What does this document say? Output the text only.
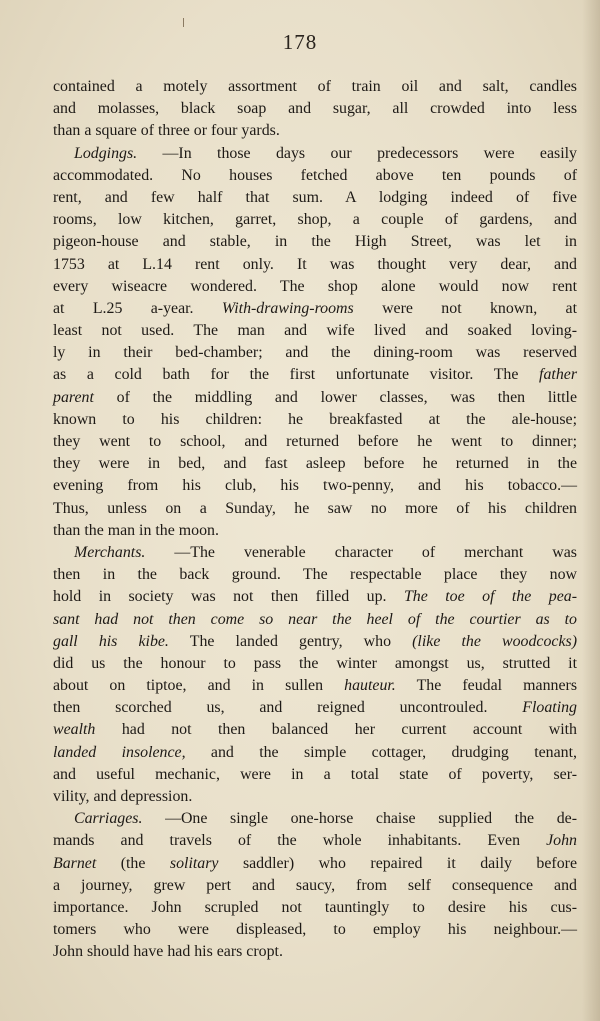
178
contained a motely assortment of train oil and salt, candles
and molasses, black soap and sugar, all crowded into less
than a square of three or four yards.
Lodgings. —In those days our predecessors were easily
accommodated. No houses fetched above ten pounds of
rent, and few half that sum. A lodging indeed of five
rooms, low kitchen, garret, shop, a couple of gardens, and
pigeon-house and stable, in the High Street, was let in
1753 at L.14 rent only. It was thought very dear, and
every wiseacre wondered. The shop alone would now rent
at L.25 a-year. With-drawing-rooms were not known, at
least not used. The man and wife lived and soaked loving-
ly in their bed-chamber; and the dining-room was reserved
as a cold bath for the first unfortunate visitor. The father
parent of the middling and lower classes, was then little
known to his children: he breakfasted at the ale-house;
they went to school, and returned before he went to dinner;
they were in bed, and fast asleep before he returned in the
evening from his club, his two-penny, and his tobacco.—
Thus, unless on a Sunday, he saw no more of his children
than the man in the moon.
Merchants. —The venerable character of merchant was
then in the back ground. The respectable place they now
hold in society was not then filled up. The toe of the pea-
sant had not then come so near the heel of the courtier as to
gall his kibe. The landed gentry, who (like the woodcocks)
did us the honour to pass the winter amongst us, strutted it
about on tiptoe, and in sullen hauteur. The feudal manners
then scorched us, and reigned uncontrouled. Floating
wealth had not then balanced her current account with
landed insolence, and the simple cottager, drudging tenant,
and useful mechanic, were in a total state of poverty, ser-
vility, and depression.
Carriages. —One single one-horse chaise supplied the de-
mands and travels of the whole inhabitants. Even John
Barnet (the solitary saddler) who repaired it daily before
a journey, grew pert and saucy, from self consequence and
importance. John scrupled not tauntingly to desire his cus-
tomers who were displeased, to employ his neighbour.—
John should have had his ears cropt.
